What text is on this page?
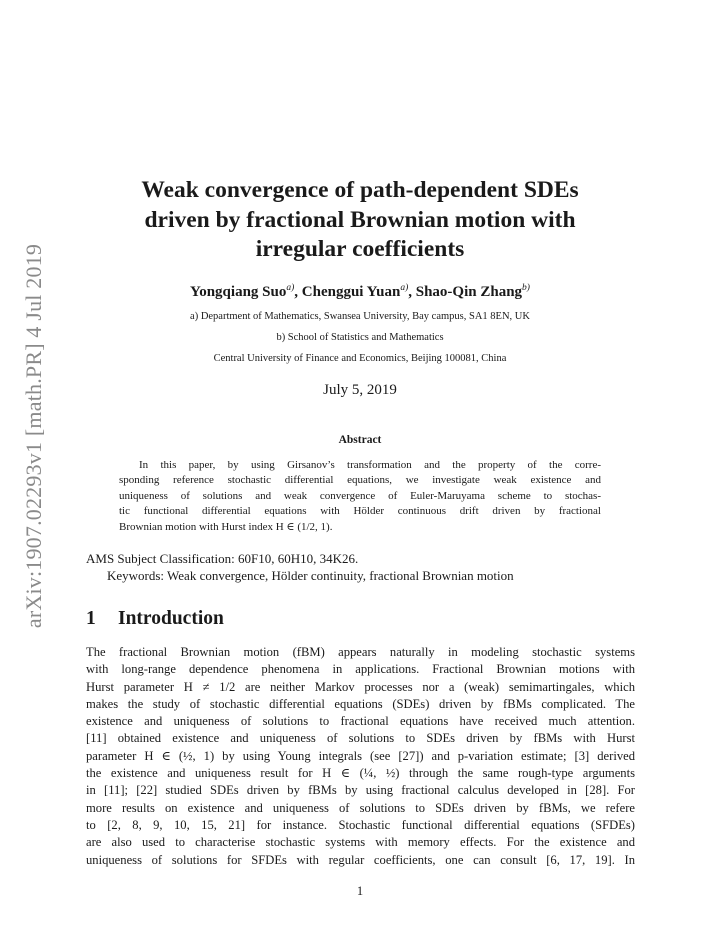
arXiv:1907.02293v1 [math.PR] 4 Jul 2019
Weak convergence of path-dependent SDEs
driven by fractional Brownian motion with
irregular coefficients
Yongqiang Suo$^{a)}$, Chenggui Yuan$^{a)}$, Shao-Qin Zhang$^{b)}$
a) Department of Mathematics, Swansea University, Bay campus, SA1 8EN, UK
b) School of Statistics and Mathematics
Central University of Finance and Economics, Beijing 100081, China
July 5, 2019
Abstract
In this paper, by using Girsanov’s transformation and the property of the corre-
sponding reference stochastic differential equations, we investigate weak existence and
uniqueness of solutions and weak convergence of Euler-Maruyama scheme to stochas-
tic functional differential equations with Hölder continuous drift driven by fractional
Brownian motion with Hurst index H ∈ (1/2, 1).
AMS Subject Classification: 60F10, 60H10, 34K26.
Keywords: Weak convergence, Hölder continuity, fractional Brownian motion
1 Introduction
The fractional Brownian motion (fBM) appears naturally in modeling stochastic systems
with long-range dependence phenomena in applications. Fractional Brownian motions with
Hurst parameter H ≠ 1/2 are neither Markov processes nor a (weak) semimartingales, which
makes the study of stochastic differential equations (SDEs) driven by fBMs complicated. The
existence and uniqueness of solutions to fractional equations have received much attention.
[11] obtained existence and uniqueness of solutions to SDEs driven by fBMs with Hurst
parameter H ∈ (½, 1) by using Young integrals (see [27]) and p-variation estimate; [3] derived
the existence and uniqueness result for H ∈ (¼, ½) through the same rough-type arguments
in [11]; [22] studied SDEs driven by fBMs by using fractional calculus developed in [28]. For
more results on existence and uniqueness of solutions to SDEs driven by fBMs, we refere
to [2, 8, 9, 10, 15, 21] for instance. Stochastic functional differential equations (SFDEs)
are also used to characterise stochastic systems with memory effects. For the existence and
uniqueness of solutions for SFDEs with regular coefficients, one can consult [6, 17, 19]. In
1
